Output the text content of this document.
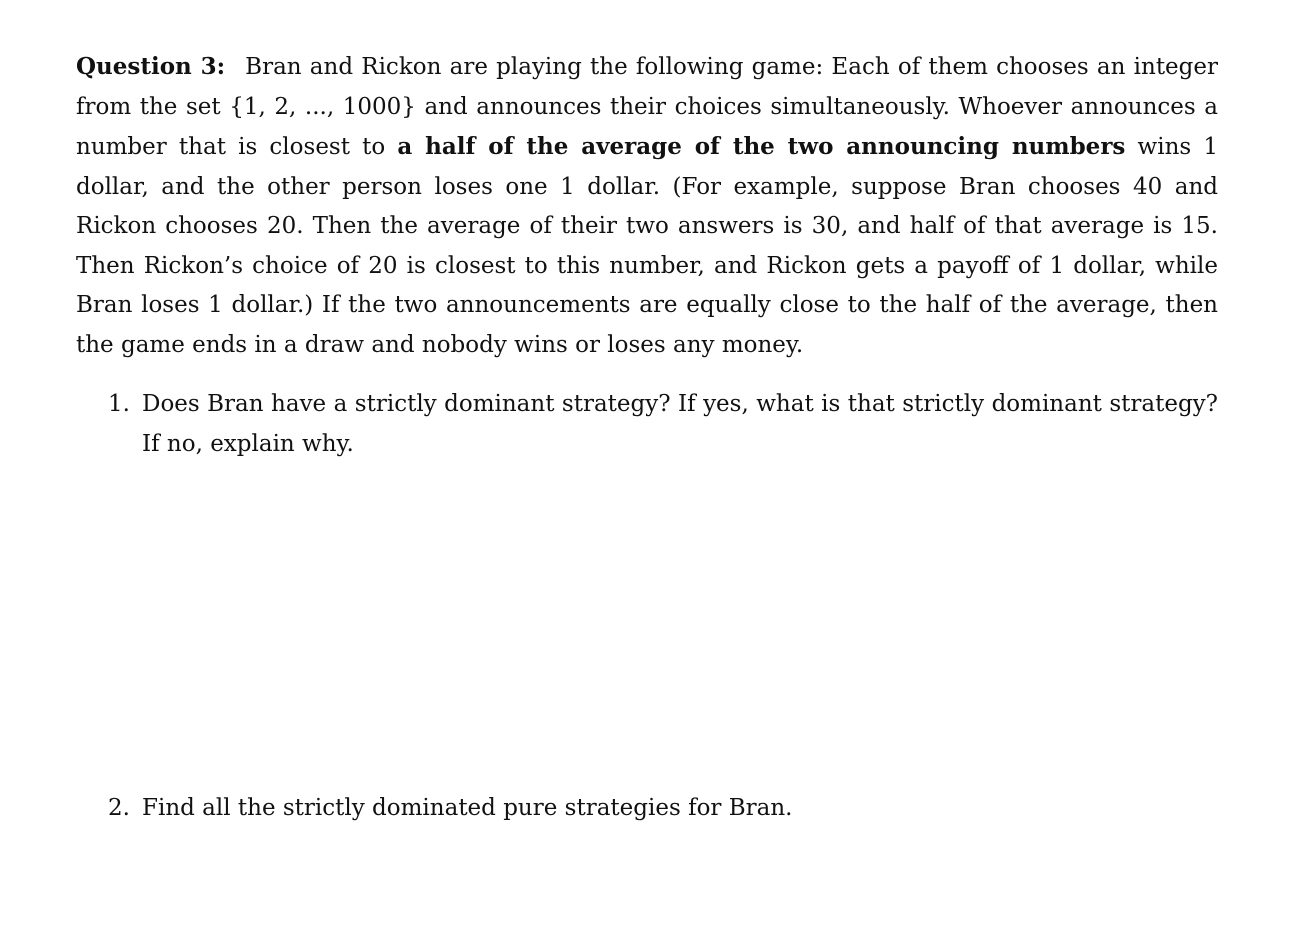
Question 3: Bran and Rickon are playing the following game: Each of them chooses an integer from the set {1, 2, ..., 1000} and announces their choices simultaneously. Whoever announces a number that is closest to a half of the average of the two announcing numbers wins 1 dollar, and the other person loses one 1 dollar. (For example, suppose Bran chooses 40 and Rickon chooses 20. Then the average of their two answers is 30, and half of that average is 15. Then Rickon’s choice of 20 is closest to this number, and Rickon gets a payoff of 1 dollar, while Bran loses 1 dollar.) If the two announcements are equally close to the half of the average, then the game ends in a draw and nobody wins or loses any money.

1. Does Bran have a strictly dominant strategy? If yes, what is that strictly dominant strategy? If no, explain why.
2. Find all the strictly dominated pure strategies for Bran.
